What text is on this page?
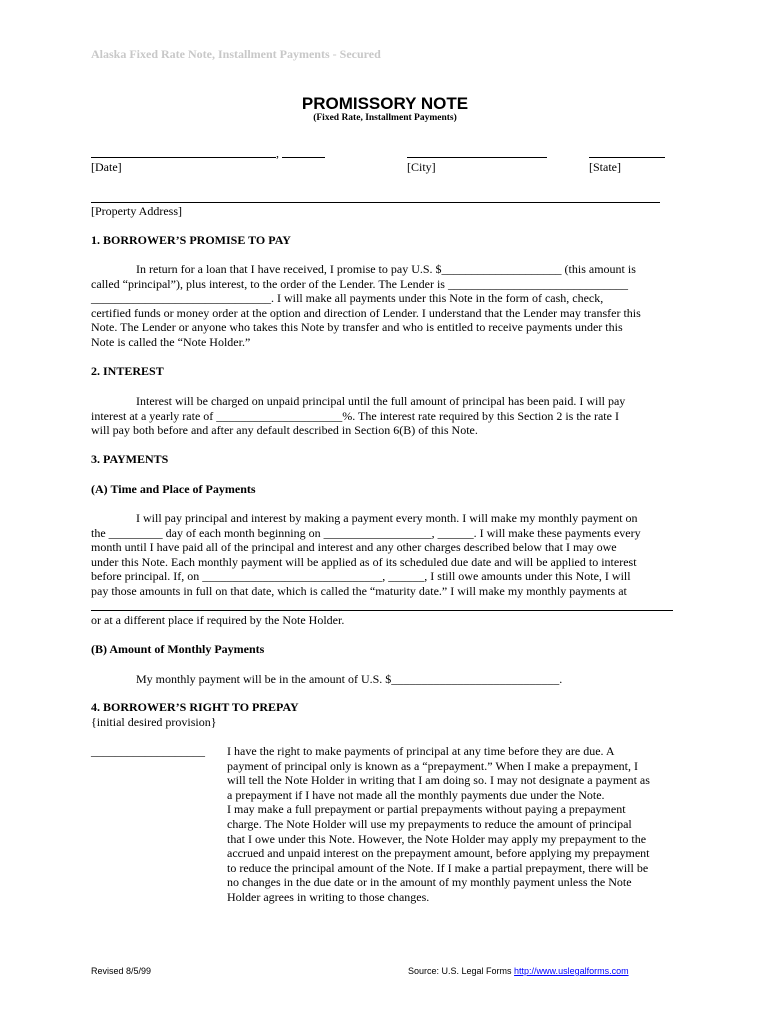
Alaska Fixed Rate Note, Installment Payments - Secured
PROMISSORY NOTE
(Fixed Rate, Installment Payments)
,
[Date]	[City]	[State]
[Property Address]
1. BORROWER’S PROMISE TO PAY
In return for a loan that I have received, I promise to pay U.S. $____________________ (this amount is
called “principal”), plus interest, to the order of the Lender. The Lender is ______________________________
______________________________. I will make all payments under this Note in the form of cash, check,
certified funds or money order at the option and direction of Lender. I understand that the Lender may transfer this
Note. The Lender or anyone who takes this Note by transfer and who is entitled to receive payments under this
Note is called the “Note Holder.”
2. INTEREST
Interest will be charged on unpaid principal until the full amount of principal has been paid. I will pay
interest at a yearly rate of _____________________%. The interest rate required by this Section 2 is the rate I
will pay both before and after any default described in Section 6(B) of this Note.
3. PAYMENTS
(A) Time and Place of Payments
I will pay principal and interest by making a payment every month. I will make my monthly payment on
the _________ day of each month beginning on __________________, ______. I will make these payments every
month until I have paid all of the principal and interest and any other charges described below that I may owe
under this Note. Each monthly payment will be applied as of its scheduled due date and will be applied to interest
before principal. If, on ______________________________, ______, I still owe amounts under this Note, I will
pay those amounts in full on that date, which is called the “maturity date.” I will make my monthly payments at
or at a different place if required by the Note Holder.
(B) Amount of Monthly Payments
My monthly payment will be in the amount of U.S. $____________________________.
4. BORROWER’S RIGHT TO PREPAY
{initial desired provision}
___________________ I have the right to make payments of principal at any time before they are due. A
payment of principal only is known as a “prepayment.” When I make a prepayment, I
will tell the Note Holder in writing that I am doing so. I may not designate a payment as
a prepayment if I have not made all the monthly payments due under the Note.
I may make a full prepayment or partial prepayments without paying a prepayment
charge. The Note Holder will use my prepayments to reduce the amount of principal
that I owe under this Note. However, the Note Holder may apply my prepayment to the
accrued and unpaid interest on the prepayment amount, before applying my prepayment
to reduce the principal amount of the Note. If I make a partial prepayment, there will be
no changes in the due date or in the amount of my monthly payment unless the Note
Holder agrees in writing to those changes.
Revised 8/5/99	Source: U.S. Legal Forms http://www.uslegalforms.com
